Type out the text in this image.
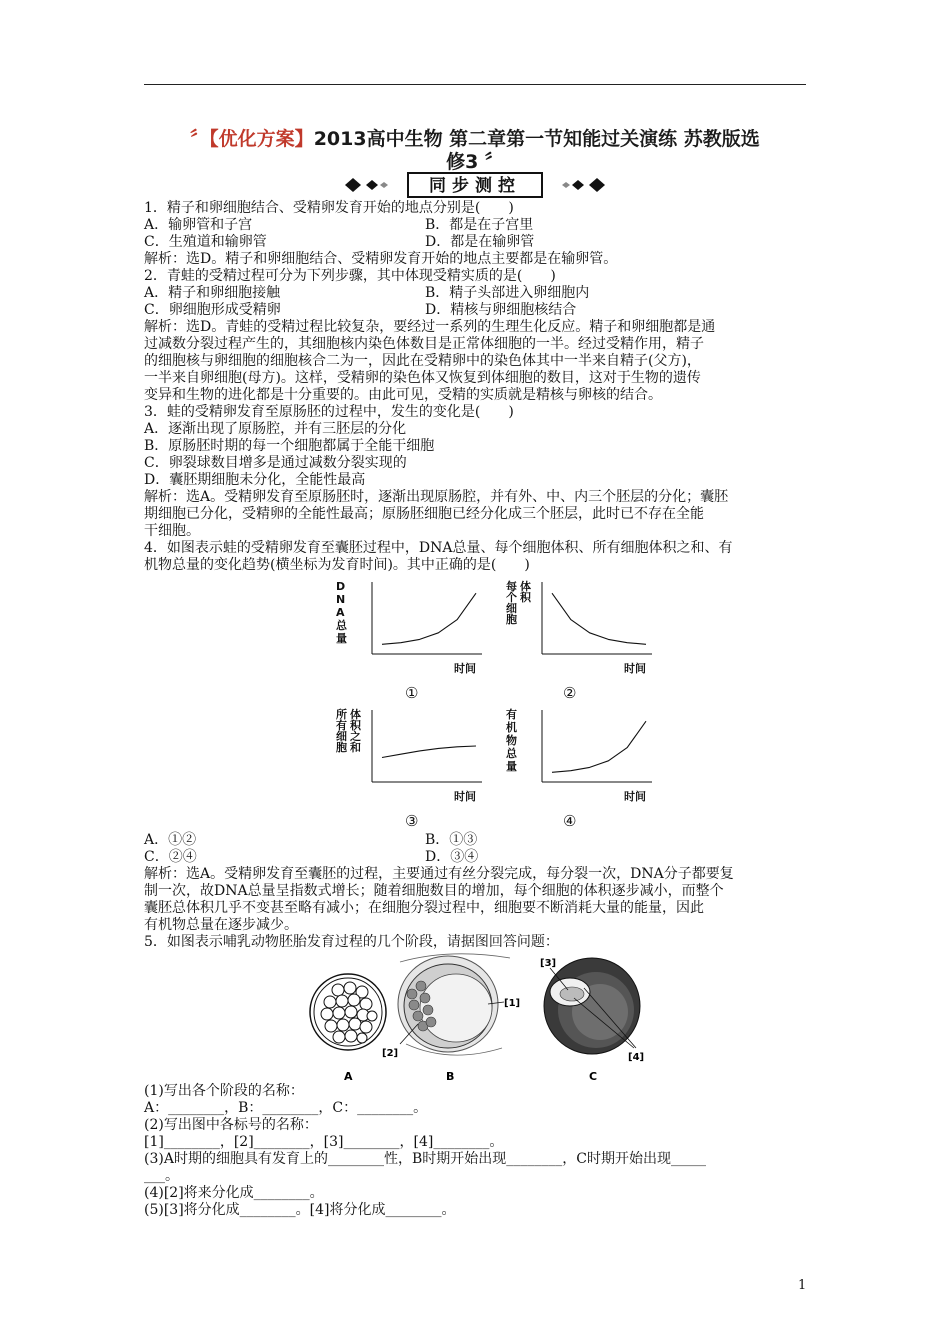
〞【优化方案】2013高中生物 第二章第一节知能过关演练 苏教版选
修3 〞
同步测控
1．精子和卵细胞结合、受精卵发育开始的地点分别是(　　)
A．输卵管和子宫	B．都是在子宫里
C．生殖道和输卵管	D．都是在输卵管
解析：选D。精子和卵细胞结合、受精卵发育开始的地点主要都是在输卵管。
2．青蛙的受精过程可分为下列步骤，其中体现受精实质的是(　　)
A．精子和卵细胞接触	B．精子头部进入卵细胞内
C．卵细胞形成受精卵	D．精核与卵细胞核结合
解析：选D。青蛙的受精过程比较复杂，要经过一系列的生理生化反应。精子和卵细胞都是通
过减数分裂过程产生的，其细胞核内染色体数目是正常体细胞的一半。经过受精作用，精子
的细胞核与卵细胞的细胞核合二为一，因此在受精卵中的染色体其中一半来自精子(父方)，
一半来自卵细胞(母方)。这样，受精卵的染色体又恢复到体细胞的数目，这对于生物的遗传
变异和生物的进化都是十分重要的。由此可见，受精的实质就是精核与卵核的结合。
3．蛙的受精卵发育至原肠胚的过程中，发生的变化是(　　)
A．逐渐出现了原肠腔，并有三胚层的分化
B．原肠胚时期的每一个细胞都属于全能干细胞
C．卵裂球数目增多是通过减数分裂实现的
D．囊胚期细胞未分化，全能性最高
解析：选A。受精卵发育至原肠胚时，逐渐出现原肠腔，并有外、中、内三个胚层的分化；囊胚
期细胞已分化，受精卵的全能性最高；原肠胚细胞已经分化成三个胚层，此时已不存在全能
干细胞。
4．如图表示蛙的受精卵发育至囊胚过程中，DNA总量、每个细胞体积、所有细胞体积之和、有
机物总量的变化趋势(横坐标为发育时间)。其中正确的是(　　)
D
N
A
总
量
时间
每
个
细
胞
体
积
时间
所
有
细
胞
体
积
之
和
时间
有
机
物
总
量
时间
①	②
③	④
A．①②	B．①③
C．②④	D．③④
解析：选A。受精卵发育至囊胚的过程，主要通过有丝分裂完成，每分裂一次，DNA分子都要复
制一次，故DNA总量呈指数式增长；随着细胞数目的增加，每个细胞的体积逐步减小，而整个
囊胚总体积几乎不变甚至略有减小；在细胞分裂过程中，细胞要不断消耗大量的能量，因此
有机物总量在逐步减少。
5．如图表示哺乳动物胚胎发育过程的几个阶段，请据图回答问题：
A
[1]
[2]
B
[3]
[4]
C
(1)写出各个阶段的名称：
A：________，B：________，C：________。
(2)写出图中各标号的名称：
[1]________，[2]________，[3]________，[4]________。
(3)A时期的细胞具有发育上的________性，B时期开始出现________，C时期开始出现_____
___。
(4)[2]将来分化成________。
(5)[3]将分化成________。[4]将分化成________。
1
